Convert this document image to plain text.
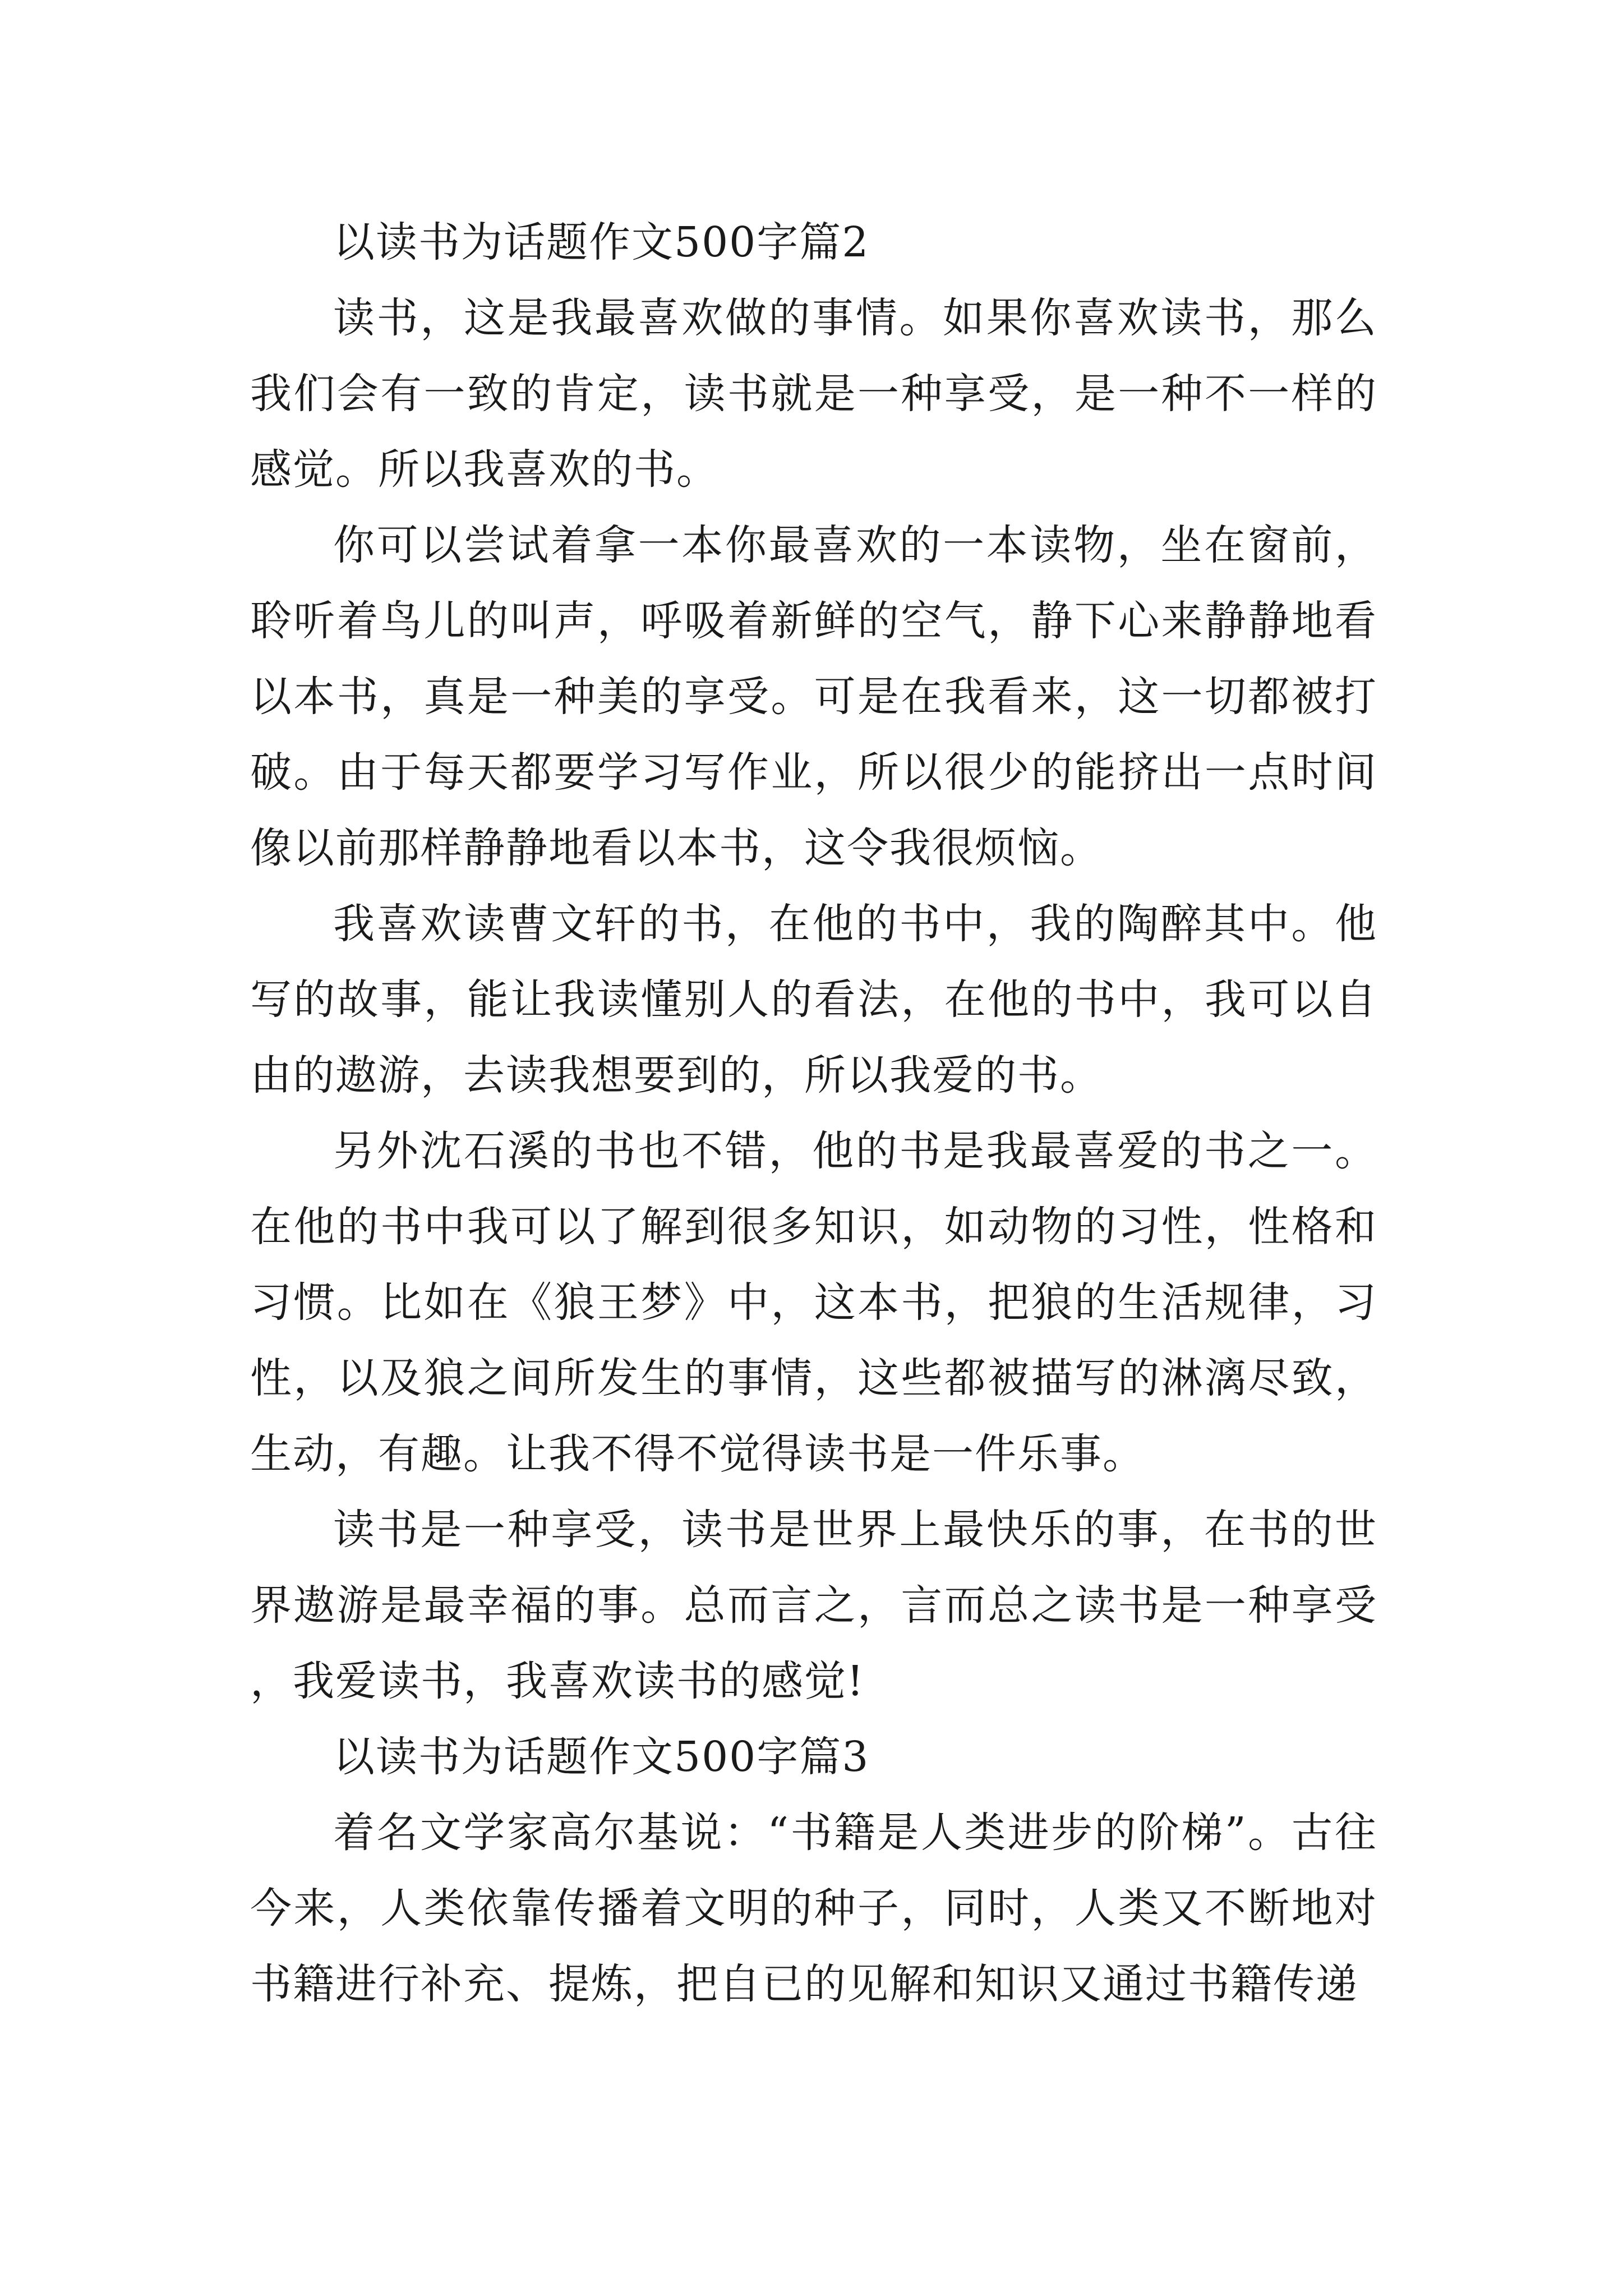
以读书为话题作文500字篇2

读书，这是我最喜欢做的事情。如果你喜欢读书，那么我们会有一致的肯定，读书就是一种享受，是一种不一样的感觉。所以我喜欢的书。

你可以尝试着拿一本你最喜欢的一本读物，坐在窗前，聆听着鸟儿的叫声，呼吸着新鲜的空气，静下心来静静地看以本书，真是一种美的享受。可是在我看来，这一切都被打破。由于每天都要学习写作业，所以很少的能挤出一点时间像以前那样静静地看以本书，这令我很烦恼。

我喜欢读曹文轩的书，在他的书中，我的陶醉其中。他写的故事，能让我读懂别人的看法，在他的书中，我可以自由的遨游，去读我想要到的，所以我爱的书。

另外沈石溪的书也不错，他的书是我最喜爱的书之一。在他的书中我可以了解到很多知识，如动物的习性，性格和习惯。比如在《狼王梦》中，这本书，把狼的生活规律，习性，以及狼之间所发生的事情，这些都被描写的淋漓尽致，生动，有趣。让我不得不觉得读书是一件乐事。

读书是一种享受，读书是世界上最快乐的事，在书的世界遨游是最幸福的事。总而言之，言而总之读书是一种享受，我爱读书，我喜欢读书的感觉!

以读书为话题作文500字篇3

着名文学家高尔基说：“书籍是人类进步的阶梯”。古往今来，人类依靠传播着文明的种子，同时，人类又不断地对书籍进行补充、提炼，把自已的见解和知识又通过书籍传递
